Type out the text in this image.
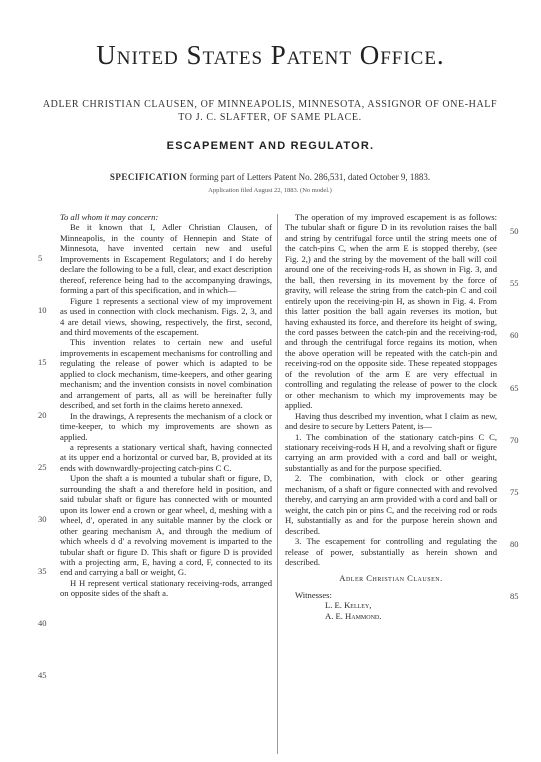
United States Patent Office.
ADLER CHRISTIAN CLAUSEN, OF MINNEAPOLIS, MINNESOTA, ASSIGNOR OF ONE-HALF TO J. C. SLAFTER, OF SAME PLACE.
ESCAPEMENT AND REGULATOR.
SPECIFICATION forming part of Letters Patent No. 286,531, dated October 9, 1883.
Application filed August 22, 1883. (No model.)

To all whom it may concern:

Be it known that I, Adler Christian Clausen, of Minneapolis, in the county of Hennepin and State of Minnesota, have invented certain new and useful Improvements in Escapement Regulators; and I do hereby declare the following to be a full, clear, and exact description thereof, reference being had to the accompanying drawings, forming a part of this specification, and in which—

Figure 1 represents a sectional view of my improvement as used in connection with clock mechanism. Figs. 2, 3, and 4 are detail views, showing, respectively, the first, second, and third movements of the escapement.

This invention relates to certain new and useful improvements in escapement mechanisms for controlling and regulating the release of power which is adapted to be applied to clock mechanism, time-keepers, and other gearing mechanism; and the invention consists in novel combination and arrangement of parts, all as will be hereinafter fully described, and set forth in the claims hereto annexed.

In the drawings, A represents the mechanism of a clock or time-keeper, to which my improvements are shown as applied.

a represents a stationary vertical shaft, having connected at its upper end a horizontal or curved bar, B, provided at its ends with downwardly-projecting catch-pins C C.

Upon the shaft a is mounted a tubular shaft or figure, D, surrounding the shaft a and therefore held in position, and said tubular shaft or figure has connected with or mounted upon its lower end a crown or gear wheel, d, meshing with a wheel, d′, operated in any suitable manner by the clock or other gearing mechanism A, and through the medium of which wheels d d′ a revolving movement is imparted to the tubular shaft or figure D. This shaft or figure D is provided with a projecting arm, E, having a cord, F, connected to its end and carrying a ball or weight, G.

H H represent vertical stationary receiving-rods, arranged on opposite sides of the shaft a.

The operation of my improved escapement is as follows: The tubular shaft or figure D in its revolution raises the ball and string by centrifugal force until the string meets one of the catch-pins C, when the arm E is stopped thereby, (see Fig. 2,) and the string by the movement of the ball will coil around one of the receiving-rods H, as shown in Fig. 3, and the ball, then reversing in its movement by the force of gravity, will release the string from the catch-pin C and coil entirely upon the receiving-pin H, as shown in Fig. 4. From this latter position the ball again reverses its motion, but having exhausted its force, and therefore its height of swing, the cord passes between the catch-pin and the receiving-rod, and through the centrifugal force regains its motion, when the above operation will be repeated with the catch-pin and receiving-rod on the opposite side. These repeated stoppages of the revolution of the arm E are very effectual in controlling and regulating the release of power to the clock or other mechanism to which my improvements may be applied.

Having thus described my invention, what I claim as new, and desire to secure by Letters Patent, is—

1. The combination of the stationary catch-pins C C, stationary receiving-rods H H, and a revolving shaft or figure carrying an arm provided with a cord and ball or weight, substantially as and for the purpose specified.

2. The combination, with clock or other gearing mechanism, of a shaft or figure connected with and revolved thereby, and carrying an arm provided with a cord and ball or weight, the catch pin or pins C, and the receiving rod or rods H, substantially as and for the purpose herein shown and described.

3. The escapement for controlling and regulating the release of power, substantially as herein shown and described.

Adler Christian Clausen.

Witnesses:

L. E. Kelley,

A. E. Hammond.

5
10
15
20
25
30
35
40
45
50
55
60
65
70
75
80
85
